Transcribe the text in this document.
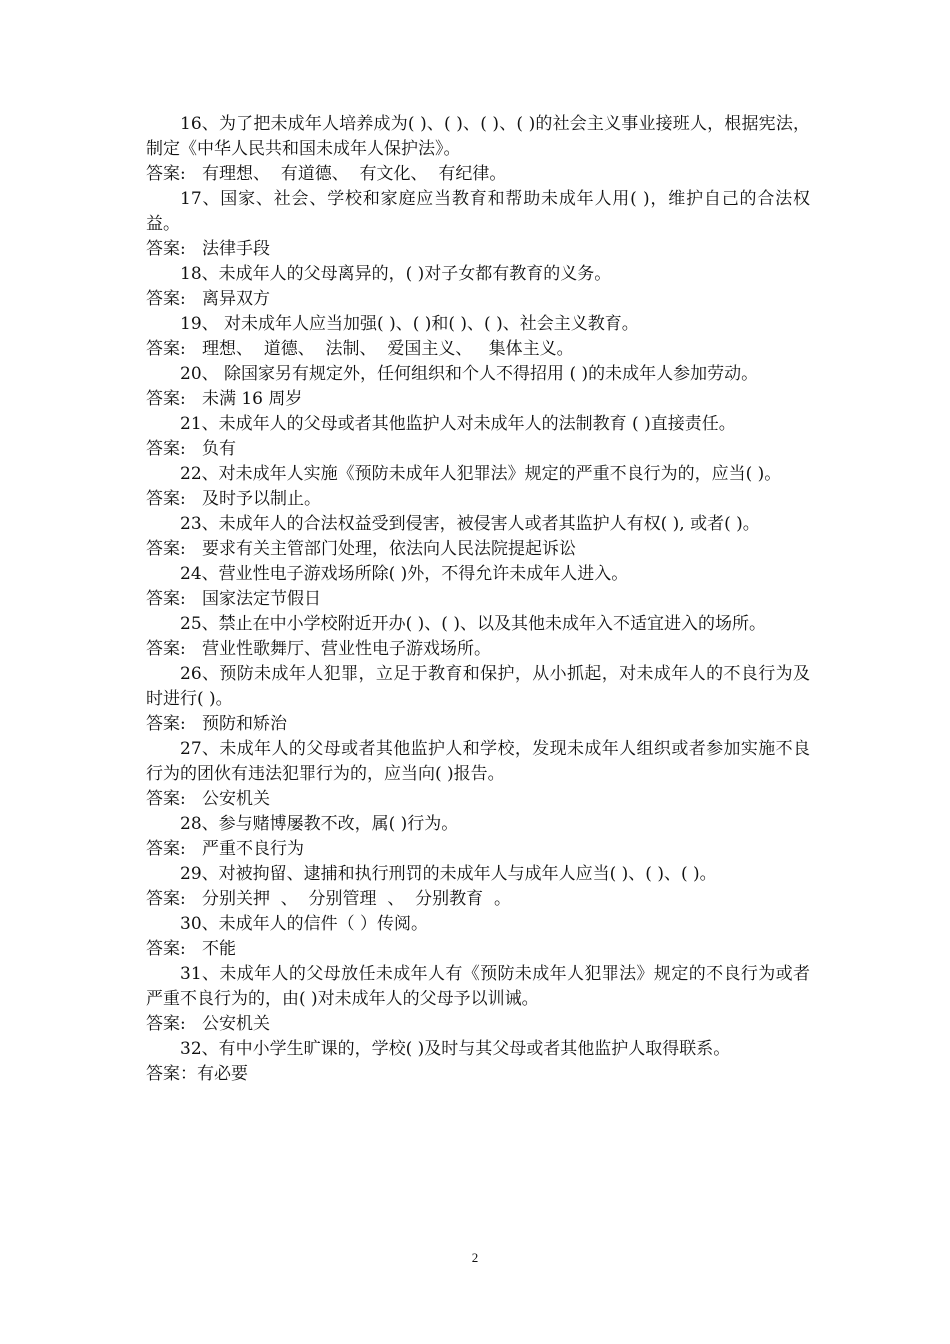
16、为了把未成年人培养成为( )、( )、( )、( )的社会主义事业接班人，根据宪法，制定《中华人民共和国未成年人保护法》。

答案:   有理想、  有道德、  有文化、  有纪律。

17、国家、社会、学校和家庭应当教育和帮助未成年人用( )，维护自己的合法权益。

答案:   法律手段

18、未成年人的父母离异的，( )对子女都有教育的义务。

答案:   离异双方

19、 对未成年人应当加强( )、( )和( )、( )、社会主义教育。

答案:   理想、  道德、  法制、  爱国主义、   集体主义。

20、 除国家另有规定外，任何组织和个人不得招用 ( )的未成年人参加劳动。

答案:   未满 16 周岁

21、未成年人的父母或者其他监护人对未成年人的法制教育 ( )直接责任。

答案:   负有

22、对未成年人实施《预防未成年人犯罪法》规定的严重不良行为的，应当( )。

答案:   及时予以制止。

23、未成年人的合法权益受到侵害，被侵害人或者其监护人有权( ), 或者( )。

答案:   要求有关主管部门处理，依法向人民法院提起诉讼

24、营业性电子游戏场所除( )外，不得允许未成年人进入。

答案:   国家法定节假日

25、禁止在中小学校附近开办( )、( )、以及其他未成年入不适宜进入的场所。

答案:   营业性歌舞厅、营业性电子游戏场所。

26、预防未成年人犯罪，立足于教育和保护，从小抓起，对未成年人的不良行为及时进行( )。

答案:   预防和矫治

27、未成年人的父母或者其他监护人和学校，发现未成年人组织或者参加实施不良行为的团伙有违法犯罪行为的，应当向( )报告。

答案:   公安机关

28、参与赌博屡教不改，属( )行为。

答案:   严重不良行为

29、对被拘留、逮捕和执行刑罚的未成年人与成年人应当( )、( )、( )。

答案:   分别关押  、  分别管理  、  分别教育  。

30、未成年人的信件（ ）传阅。

答案:   不能

31、未成年人的父母放任未成年人有《预防未成年人犯罪法》规定的不良行为或者严重不良行为的，由( )对未成年人的父母予以训诫。

答案:   公安机关

32、有中小学生旷课的，学校( )及时与其父母或者其他监护人取得联系。

答案：有必要

2
